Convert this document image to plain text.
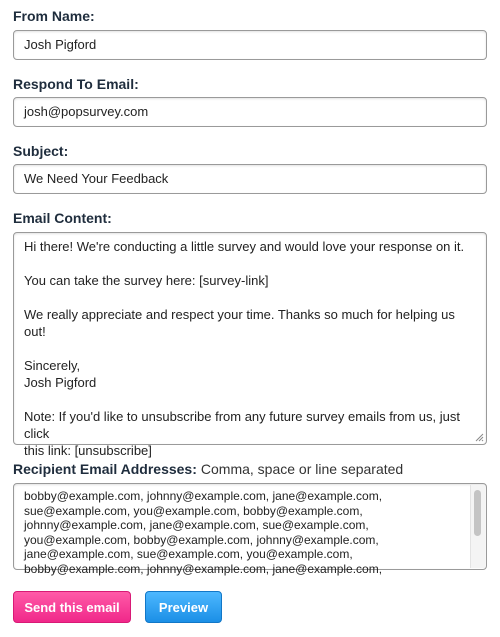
From Name:
Josh Pigford
Respond To Email:
josh@popsurvey.com
Subject:
We Need Your Feedback
Email Content:

Hi there! We're conducting a little survey and would love your response on it.

You can take the survey here: [survey-link]

We really appreciate and respect your time. Thanks so much for helping us out!

Sincerely,
Josh Pigford

Note: If you'd like to unsubscribe from any future survey emails from us, just click
this link: [unsubscribe]

Recipient Email Addresses: Comma, space or line separated
bobby@example.com, johnny@example.com, jane@example.com,
sue@example.com, you@example.com, bobby@example.com,
johnny@example.com, jane@example.com, sue@example.com,
you@example.com, bobby@example.com, johnny@example.com,
jane@example.com, sue@example.com, you@example.com,
bobby@example.com, johnny@example.com, jane@example.com,
Send this email	Preview
